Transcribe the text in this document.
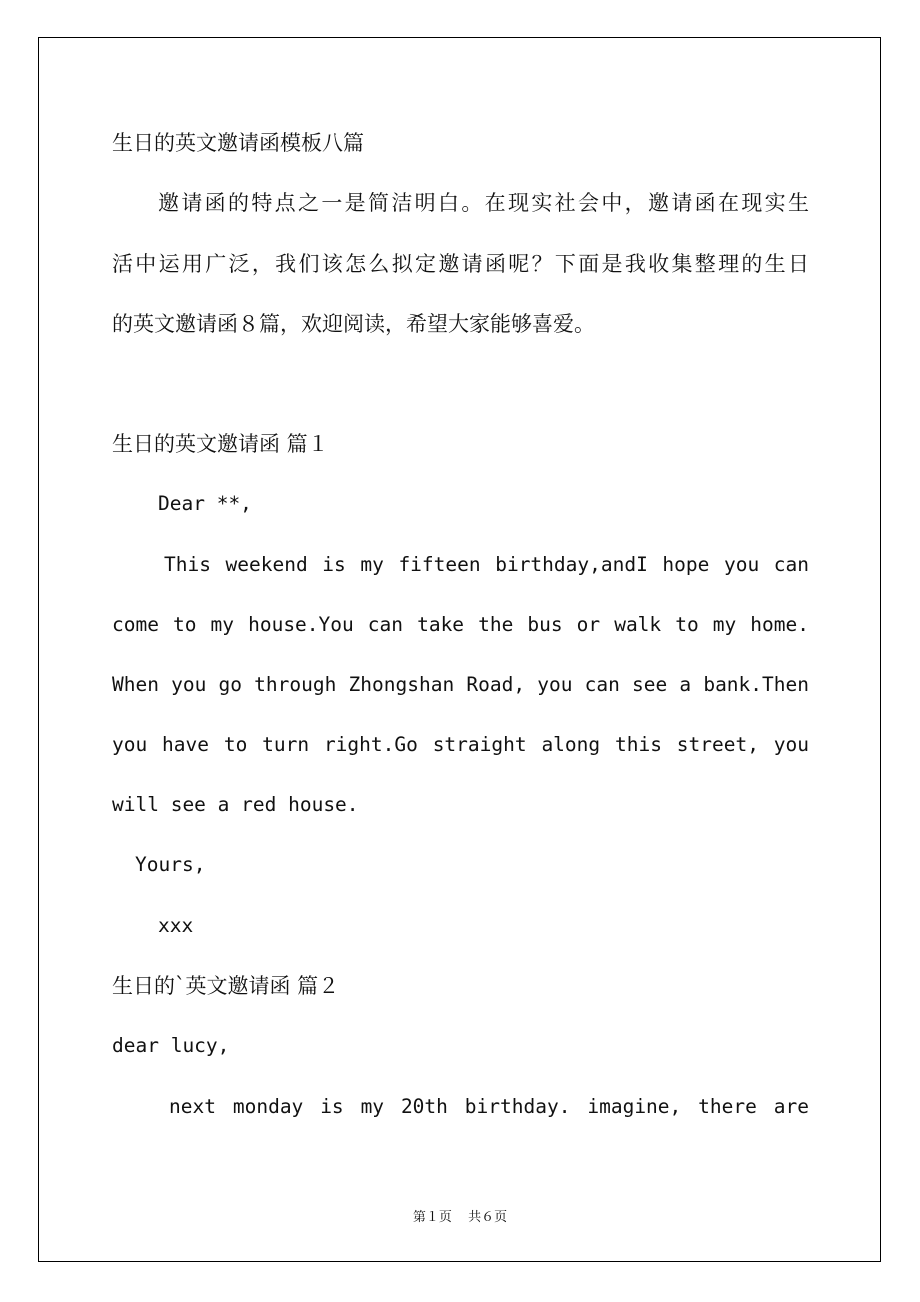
生日的英文邀请函模板八篇
邀请函的特点之一是简洁明白。在现实社会中，邀请函在现实生
活中运用广泛，我们该怎么拟定邀请函呢？下面是我收集整理的生日
的英文邀请函８篇，欢迎阅读，希望大家能够喜爱。
生日的英文邀请函 篇１
Dear **,
This weekend is my fifteen birthday,andI hope you can
come to my house.You can take the bus or walk to my home.
When you go through Zhongshan Road, you can see a bank.Then
you have to turn right.Go straight along this street, you
will see a red house.
Yours,
xxx
生日的`英文邀请函 篇２
dear lucy,
next monday is my 20th birthday. imagine, there are
第１页 共６页
